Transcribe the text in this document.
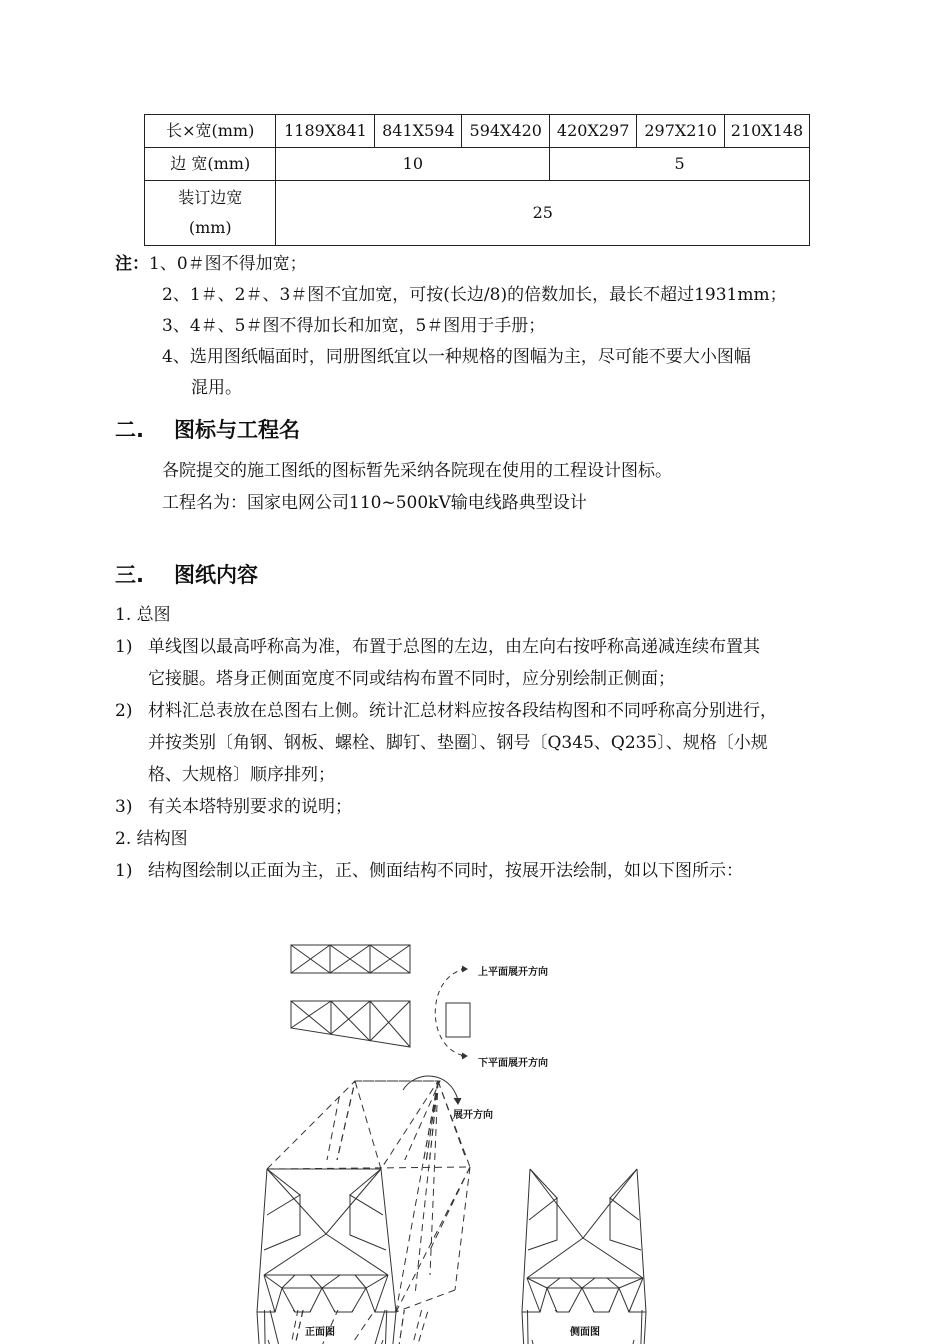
长×宽(mm)	1189X841	841X594	594X420	420X297	297X210	210X148
边 宽(mm)	10			5		

装订边宽
(mm)	25					
注：1、0＃图不得加宽；
2、1＃、2＃、3＃图不宜加宽，可按(长边/8)的倍数加长，最长不超过1931mm；
3、4＃、5＃图不得加长和加宽，5＃图用于手册；
4、选用图纸幅面时，同册图纸宜以一种规格的图幅为主，尽可能不要大小图幅
混用。
二. 图标与工程名
各院提交的施工图纸的图标暂先采纳各院现在使用的工程设计图标。
工程名为：国家电网公司110~500kV输电线路典型设计
三. 图纸内容
1. 总图
1) 单线图以最高呼称高为准，布置于总图的左边，由左向右按呼称高递减连续布置其
它接腿。塔身正侧面宽度不同或结构布置不同时，应分别绘制正侧面；
2) 材料汇总表放在总图右上侧。统计汇总材料应按各段结构图和不同呼称高分别进行，
并按类别〔角钢、钢板、螺栓、脚钉、垫圈〕、钢号〔Q345、Q235〕、规格〔小规
格、大规格〕顺序排列；
3) 有关本塔特别要求的说明；
2. 结构图
1) 结构图绘制以正面为主，正、侧面结构不同时，按展开法绘制，如以下图所示：
上平面展开方向
下平面展开方向
展开方向
正面图	侧面图
